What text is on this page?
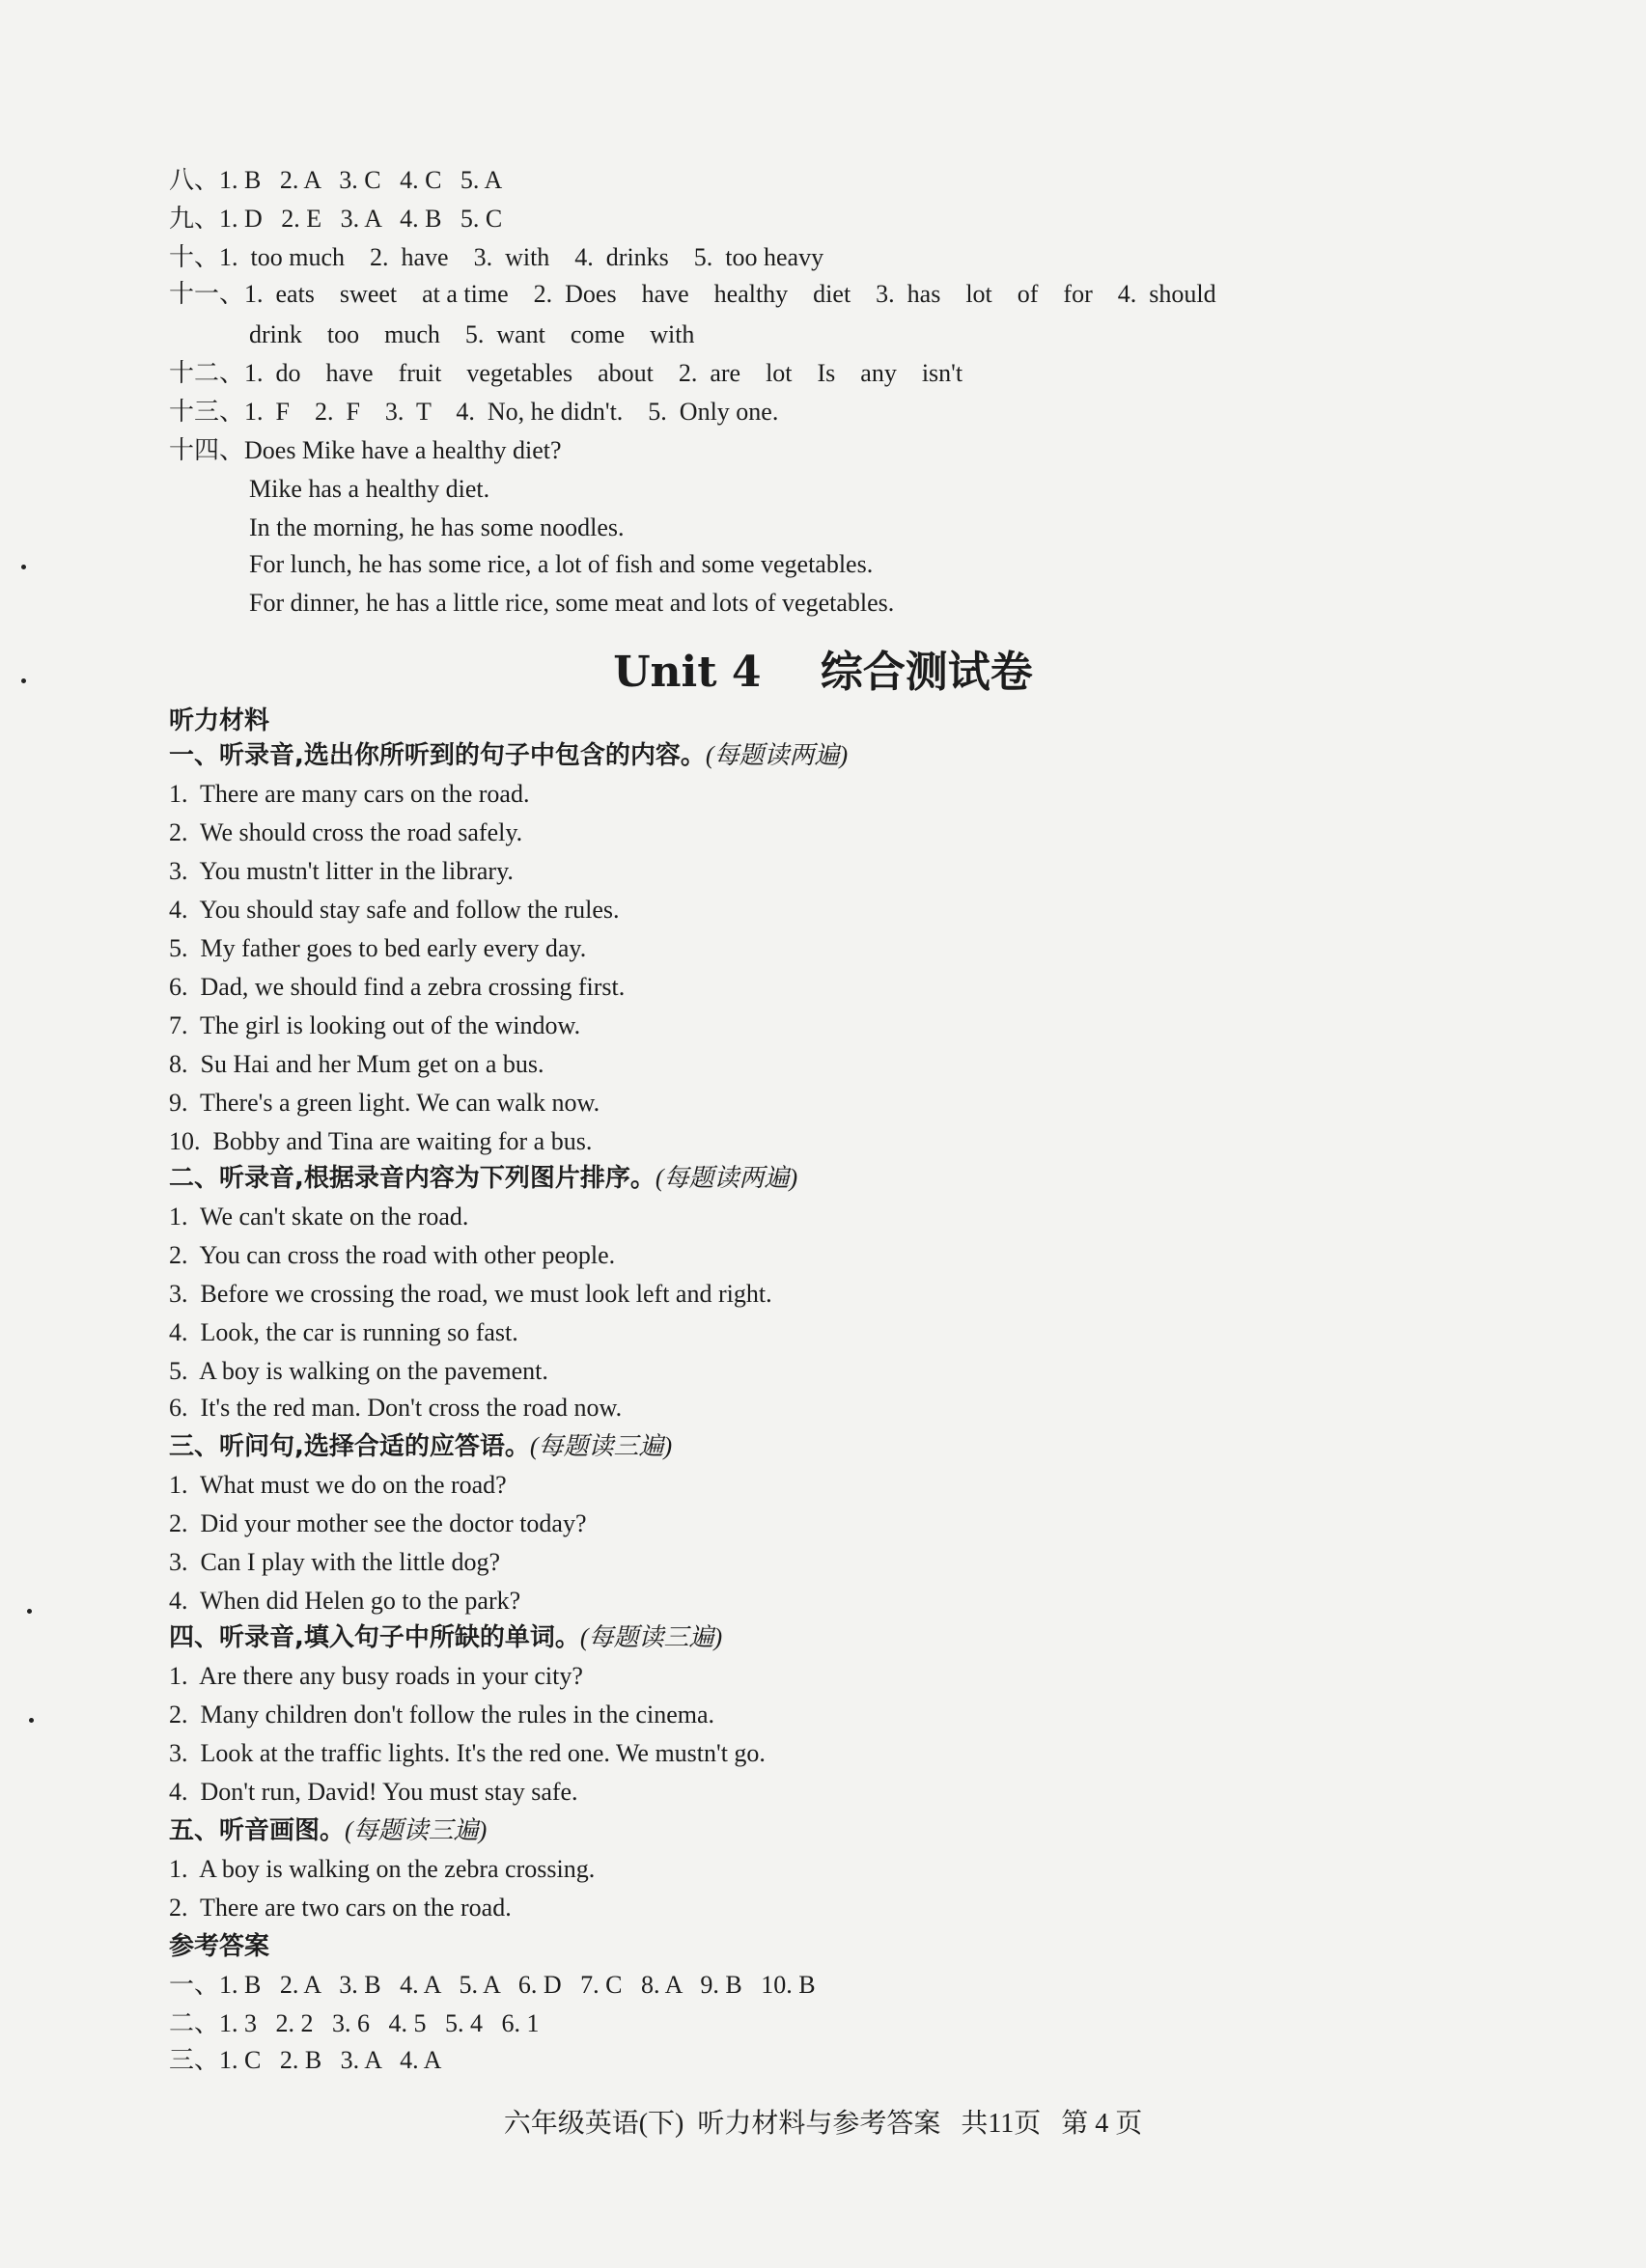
八、1. B   2. A   3. C   4. C   5. A
九、1. D   2. E   3. A   4. B   5. C
十、1.  too much    2.  have    3.  with    4.  drinks    5.  too heavy
十一、1.  eats    sweet    at a time    2.  Does    have    healthy    diet    3.  has    lot    of    for    4.  should
drink    too    much    5.  want    come    with
十二、1.  do    have    fruit    vegetables    about    2.  are    lot    Is    any    isn't
十三、1.  F    2.  F    3.  T    4.  No, he didn't.    5.  Only one.
十四、Does Mike have a healthy diet?
Mike has a healthy diet.
In the morning, he has some noodles.
For lunch, he has some rice, a lot of fish and some vegetables.
For dinner, he has a little rice, some meat and lots of vegetables.
Unit 4    综合测试卷
听力材料
一、听录音,选出你所听到的句子中包含的内容。(每题读两遍)
1.  There are many cars on the road.
2.  We should cross the road safely.
3.  You mustn't litter in the library.
4.  You should stay safe and follow the rules.
5.  My father goes to bed early every day.
6.  Dad, we should find a zebra crossing first.
7.  The girl is looking out of the window.
8.  Su Hai and her Mum get on a bus.
9.  There's a green light. We can walk now.
10.  Bobby and Tina are waiting for a bus.
二、听录音,根据录音内容为下列图片排序。(每题读两遍)
1.  We can't skate on the road.
2.  You can cross the road with other people.
3.  Before we crossing the road, we must look left and right.
4.  Look, the car is running so fast.
5.  A boy is walking on the pavement.
6.  It's the red man. Don't cross the road now.
三、听问句,选择合适的应答语。(每题读三遍)
1.  What must we do on the road?
2.  Did your mother see the doctor today?
3.  Can I play with the little dog?
4.  When did Helen go to the park?
四、听录音,填入句子中所缺的单词。(每题读三遍)
1.  Are there any busy roads in your city?
2.  Many children don't follow the rules in the cinema.
3.  Look at the traffic lights. It's the red one. We mustn't go.
4.  Don't run, David! You must stay safe.
五、听音画图。(每题读三遍)
1.  A boy is walking on the zebra crossing.
2.  There are two cars on the road.
参考答案
一、1. B   2. A   3. B   4. A   5. A   6. D   7. C   8. A   9. B   10. B
二、1. 3   2. 2   3. 6   4. 5   5. 4   6. 1
三、1. C   2. B   3. A   4. A
六年级英语(下)  听力材料与参考答案   共11页   第 4 页
